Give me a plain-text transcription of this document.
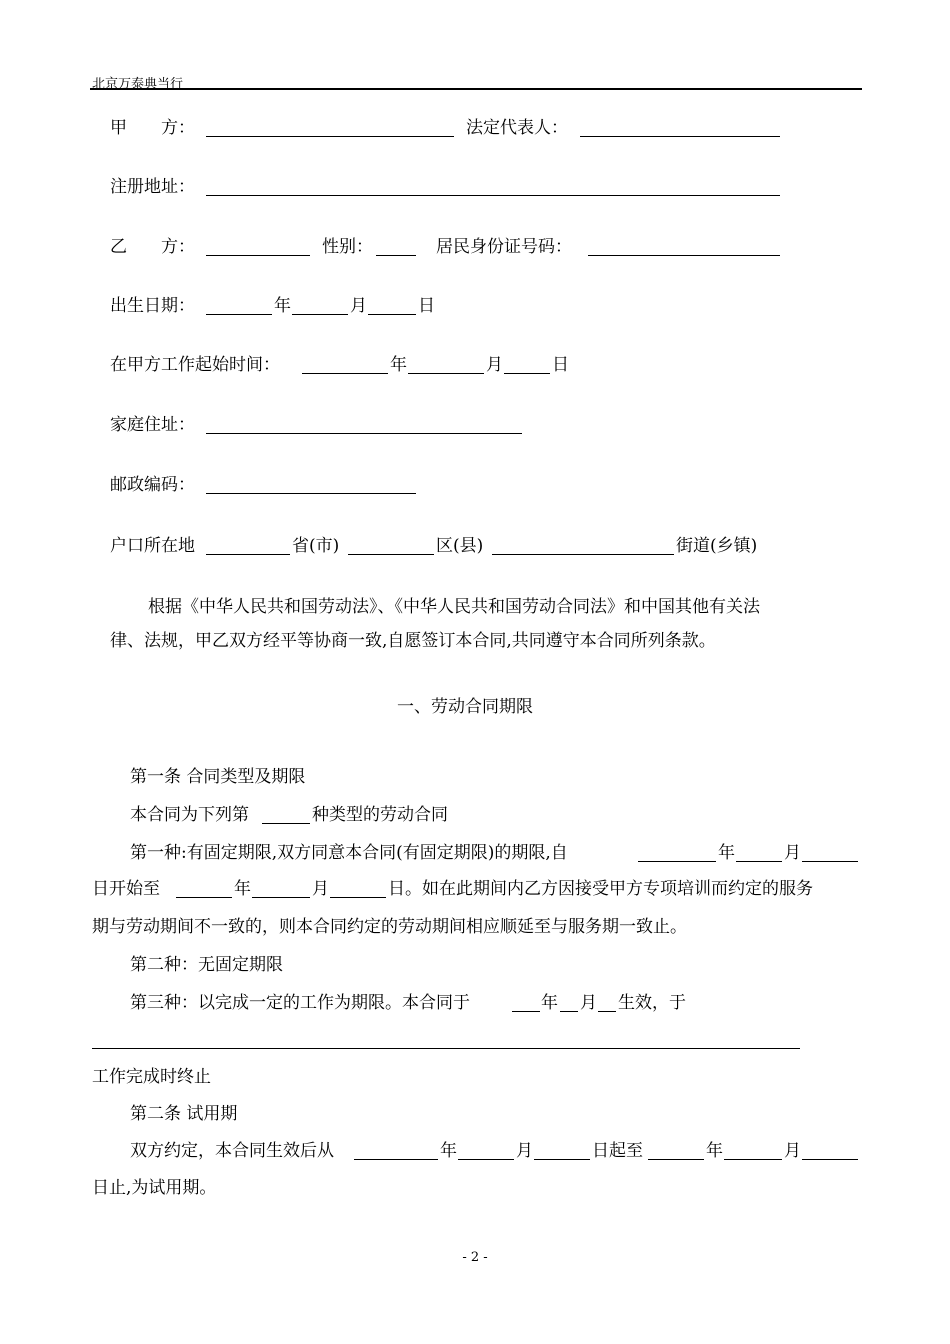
北京万泰典当行
甲　　方：	法定代表人：
注册地址：
乙　　方：	性别：	居民身份证号码：
出生日期：	年	月	日
在甲方工作起始时间：	年	月	日
家庭住址：
邮政编码：
户口所在地	省(市)	区(县)	街道(乡镇)
根据《中华人民共和国劳动法》、《中华人民共和国劳动合同法》和中国其他有关法
律、法规，甲乙双方经平等协商一致,自愿签订本合同,共同遵守本合同所列条款。
一、劳动合同期限
第一条 合同类型及期限
本合同为下列第	种类型的劳动合同
第一种:有固定期限,双方同意本合同(有固定期限)的期限,自	年	月
日开始至	年	月	日。如在此期间内乙方因接受甲方专项培训而约定的服务
期与劳动期间不一致的，则本合同约定的劳动期间相应顺延至与服务期一致止。
第二种：无固定期限
第三种：以完成一定的工作为期限。本合同于	年 月 生效，于
工作完成时终止
第二条 试用期
双方约定，本合同生效后从	年	月	日起至	年	月
日止,为试用期。
- 2 -
